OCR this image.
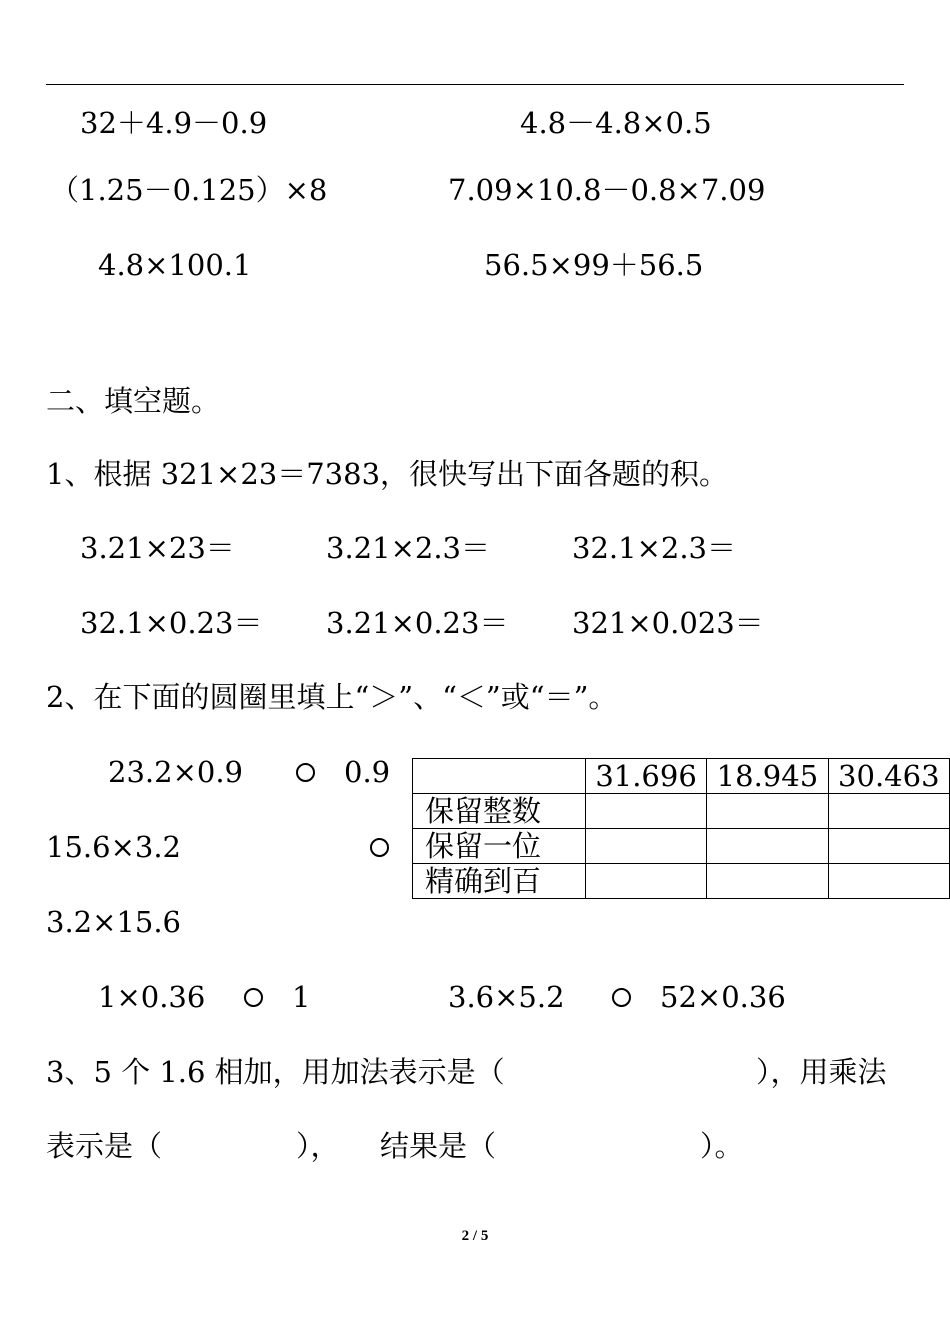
32＋4.9－0.9	4.8－4.8×0.5
（1.25－0.125）×8	7.09×10.8－0.8×7.09
4.8×100.1	56.5×99＋56.5
二、填空题。
1、根据 321×23＝7383，很快写出下面各题的积。
3.21×23＝	3.21×2.3＝	32.1×2.3＝
32.1×0.23＝ 3.21×0.23＝ 321×0.023＝
2、在下面的圆圈里填上“＞”、“＜”或“＝”。
23.2×0.9	0.9
15.6×3.2
3.2×15.6
1×0.36	1	3.6×5.2	52×0.36
	31.696	18.945	30.463
保留整数			
保留一位			
精确到百			
3、5 个 1.6 相加，用加法表示是（	），用乘法
表示是（	）， 结果是（	）。
2 / 5
